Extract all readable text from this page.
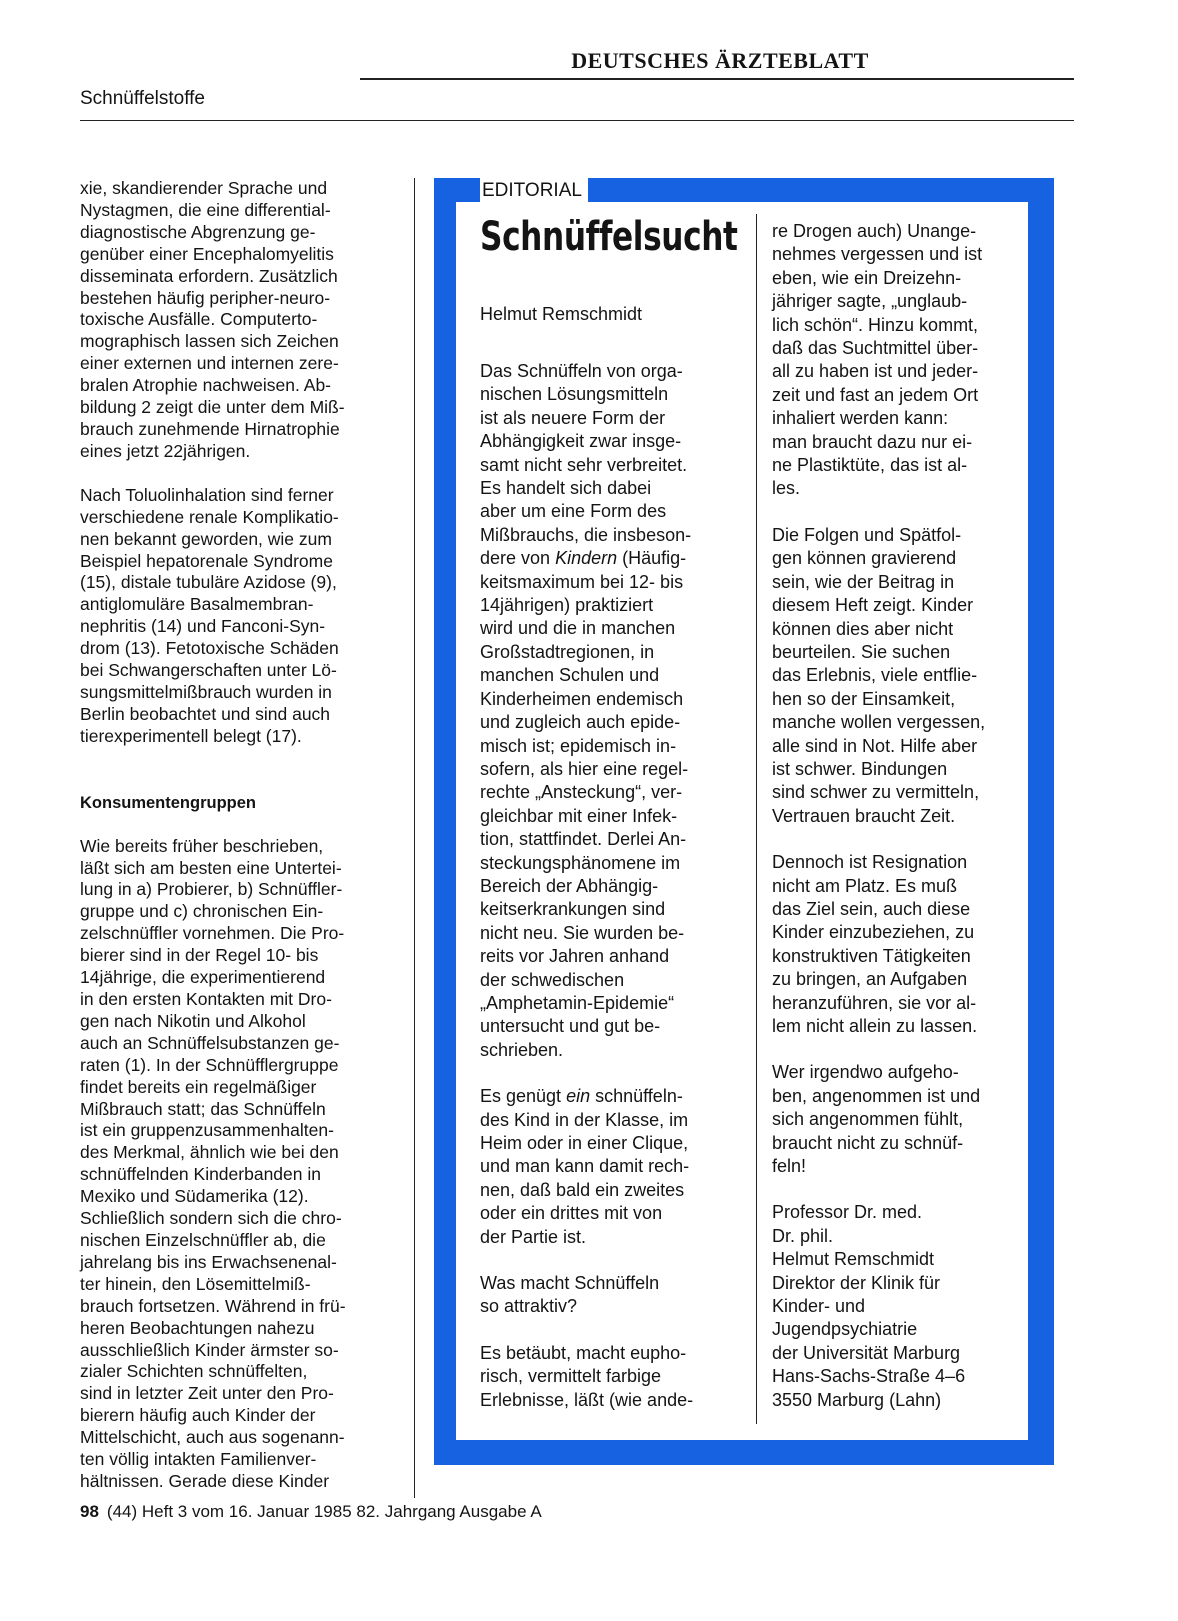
DEUTSCHES ÄRZTEBLATT
Schnüffelstoffe

xie, skandierender Sprache und
Nystagmen, die eine differential-
diagnostische Abgrenzung ge-
genüber einer Encephalomyelitis
disseminata erfordern. Zusätzlich
bestehen häufig peripher-neuro-
toxische Ausfälle. Computerto-
mographisch lassen sich Zeichen
einer externen und internen zere-
bralen Atrophie nachweisen. Ab-
bildung 2 zeigt die unter dem Miß-
brauch zunehmende Hirnatrophie
eines jetzt 22jährigen.

Nach Toluolinhalation sind ferner
verschiedene renale Komplikatio-
nen bekannt geworden, wie zum
Beispiel hepatorenale Syndrome
(15), distale tubuläre Azidose (9),
antiglomuläre Basalmembran-
nephritis (14) und Fanconi-Syn-
drom (13). Fetotoxische Schäden
bei Schwangerschaften unter Lö-
sungsmittelmißbrauch wurden in
Berlin beobachtet und sind auch
tierexperimentell belegt (17).

Konsumentengruppen

Wie bereits früher beschrieben,
läßt sich am besten eine Untertei-
lung in a) Probierer, b) Schnüffler-
gruppe und c) chronischen Ein-
zelschnüffler vornehmen. Die Pro-
bierer sind in der Regel 10- bis
14jährige, die experimentierend
in den ersten Kontakten mit Dro-
gen nach Nikotin und Alkohol
auch an Schnüffelsubstanzen ge-
raten (1). In der Schnüfflergruppe
findet bereits ein regelmäßiger
Mißbrauch statt; das Schnüffeln
ist ein gruppenzusammenhalten-
des Merkmal, ähnlich wie bei den
schnüffelnden Kinderbanden in
Mexiko und Südamerika (12).
Schließlich sondern sich die chro-
nischen Einzelschnüffler ab, die
jahrelang bis ins Erwachsenenal-
ter hinein, den Lösemittelmiß-
brauch fortsetzen. Während in frü-
heren Beobachtungen nahezu
ausschließlich Kinder ärmster so-
zialer Schichten schnüffelten,
sind in letzter Zeit unter den Pro-
bierern häufig auch Kinder der
Mittelschicht, auch aus sogenann-
ten völlig intakten Familienver-
hältnissen. Gerade diese Kinder

EDITORIAL
Schnüffelsucht
Helmut Remschmidt

Das Schnüffeln von orga-
nischen Lösungsmitteln
ist als neuere Form der
Abhängigkeit zwar insge-
samt nicht sehr verbreitet.
Es handelt sich dabei
aber um eine Form des
Mißbrauchs, die insbeson-
dere von Kindern (Häufig-
keitsmaximum bei 12- bis
14jährigen) praktiziert
wird und die in manchen
Großstadtregionen, in
manchen Schulen und
Kinderheimen endemisch
und zugleich auch epide-
misch ist; epidemisch in-
sofern, als hier eine regel-
rechte „Ansteckung“, ver-
gleichbar mit einer Infek-
tion, stattfindet. Derlei An-
steckungsphänomene im
Bereich der Abhängig-
keitserkrankungen sind
nicht neu. Sie wurden be-
reits vor Jahren anhand
der schwedischen
„Amphetamin-Epidemie“
untersucht und gut be-
schrieben.

Es genügt ein schnüffeln-
des Kind in der Klasse, im
Heim oder in einer Clique,
und man kann damit rech-
nen, daß bald ein zweites
oder ein drittes mit von
der Partie ist.

Was macht Schnüffeln
so attraktiv?

Es betäubt, macht eupho-
risch, vermittelt farbige
Erlebnisse, läßt (wie ande-

re Drogen auch) Unange-
nehmes vergessen und ist
eben, wie ein Dreizehn-
jähriger sagte, „unglaub-
lich schön“. Hinzu kommt,
daß das Suchtmittel über-
all zu haben ist und jeder-
zeit und fast an jedem Ort
inhaliert werden kann:
man braucht dazu nur ei-
ne Plastiktüte, das ist al-
les.

Die Folgen und Spätfol-
gen können gravierend
sein, wie der Beitrag in
diesem Heft zeigt. Kinder
können dies aber nicht
beurteilen. Sie suchen
das Erlebnis, viele entflie-
hen so der Einsamkeit,
manche wollen vergessen,
alle sind in Not. Hilfe aber
ist schwer. Bindungen
sind schwer zu vermitteln,
Vertrauen braucht Zeit.

Dennoch ist Resignation
nicht am Platz. Es muß
das Ziel sein, auch diese
Kinder einzubeziehen, zu
konstruktiven Tätigkeiten
zu bringen, an Aufgaben
heranzuführen, sie vor al-
lem nicht allein zu lassen.

Wer irgendwo aufgeho-
ben, angenommen ist und
sich angenommen fühlt,
braucht nicht zu schnüf-
feln!

Professor Dr. med.
Dr. phil.
Helmut Remschmidt
Direktor der Klinik für
Kinder- und
Jugendpsychiatrie
der Universität Marburg
Hans-Sachs-Straße 4–6
3550 Marburg (Lahn)

98 (44) Heft 3 vom 16. Januar 1985 82. Jahrgang Ausgabe A
